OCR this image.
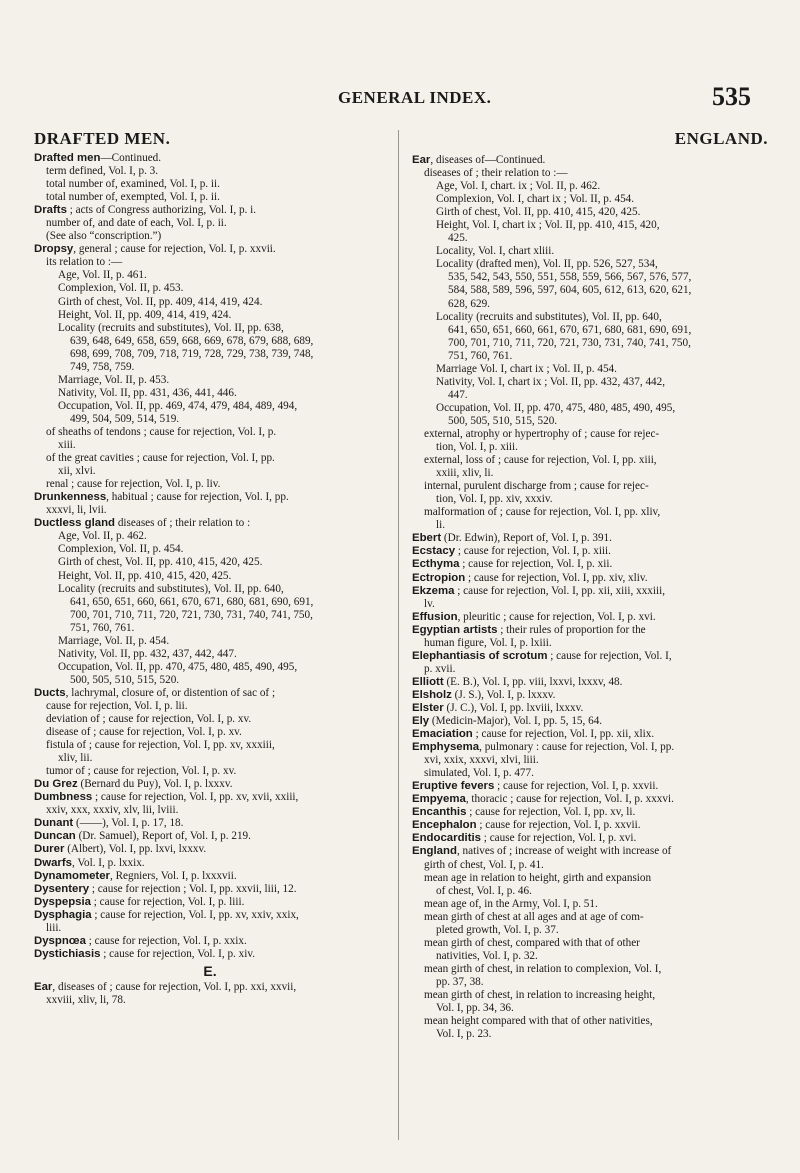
GENERAL INDEX.	535
DRAFTED MEN.
Drafted men—Continued.
term defined, Vol. I, p. 3.
total number of, examined, Vol. I, p. ii.
total number of, exempted, Vol. I, p. ii.
Drafts ; acts of Congress authorizing, Vol. I, p. i.
number of, and date of each, Vol. I, p. ii.
(See also “conscription.”)
Dropsy, general ; cause for rejection, Vol. I, p. xxvii.
its relation to :—
Age, Vol. II, p. 461.
Complexion, Vol. II, p. 453.
Girth of chest, Vol. II, pp. 409, 414, 419, 424.
Height, Vol. II, pp. 409, 414, 419, 424.
Locality (recruits and substitutes), Vol. II, pp. 638,
639, 648, 649, 658, 659, 668, 669, 678, 679, 688, 689,
698, 699, 708, 709, 718, 719, 728, 729, 738, 739, 748,
749, 758, 759.
Marriage, Vol. II, p. 453.
Nativity, Vol. II, pp. 431, 436, 441, 446.
Occupation, Vol. II, pp. 469, 474, 479, 484, 489, 494,
499, 504, 509, 514, 519.
of sheaths of tendons ; cause for rejection, Vol. I, p.
xiii.
of the great cavities ; cause for rejection, Vol. I, pp.
xii, xlvi.
renal ; cause for rejection, Vol. I, p. liv.
Drunkenness, habitual ; cause for rejection, Vol. I, pp.
xxxvi, li, lvii.
Ductless gland diseases of ; their relation to :
Age, Vol. II, p. 462.
Complexion, Vol. II, p. 454.
Girth of chest, Vol. II, pp. 410, 415, 420, 425.
Height, Vol. II, pp. 410, 415, 420, 425.
Locality (recruits and substitutes), Vol. II, pp. 640,
641, 650, 651, 660, 661, 670, 671, 680, 681, 690, 691,
700, 701, 710, 711, 720, 721, 730, 731, 740, 741, 750,
751, 760, 761.
Marriage, Vol. II, p. 454.
Nativity, Vol. II, pp. 432, 437, 442, 447.
Occupation, Vol. II, pp. 470, 475, 480, 485, 490, 495,
500, 505, 510, 515, 520.
Ducts, lachrymal, closure of, or distention of sac of ;
cause for rejection, Vol. I, p. lii.
deviation of ; cause for rejection, Vol. I, p. xv.
disease of ; cause for rejection, Vol. I, p. xv.
fistula of ; cause for rejection, Vol. I, pp. xv, xxxiii,
xliv, lii.
tumor of ; cause for rejection, Vol. I, p. xv.
Du Grez (Bernard du Puy), Vol. I, p. lxxxv.
Dumbness ; cause for rejection, Vol. I, pp. xv, xvii, xxiii,
xxiv, xxx, xxxiv, xlv, lii, lviii.
Dunant (——), Vol. I, p. 17, 18.
Duncan (Dr. Samuel), Report of, Vol. I, p. 219.
Durer (Albert), Vol. I, pp. lxvi, lxxxv.
Dwarfs, Vol. I, p. lxxix.
Dynamometer, Regniers, Vol. I, p. lxxxvii.
Dysentery ; cause for rejection ; Vol. I, pp. xxvii, liii, 12.
Dyspepsia ; cause for rejection, Vol. I, p. liii.
Dysphagia ; cause for rejection, Vol. I, pp. xv, xxiv, xxix,
liii.
Dyspnœa ; cause for rejection, Vol. I, p. xxix.
Dystichiasis ; cause for rejection, Vol. I, p. xiv.
E.
Ear, diseases of ; cause for rejection, Vol. I, pp. xxi, xxvii,
xxviii, xliv, li, 78.
ENGLAND.
Ear, diseases of—Continued.
diseases of ; their relation to :—
Age, Vol. I, chart. ix ; Vol. II, p. 462.
Complexion, Vol. I, chart ix ; Vol. II, p. 454.
Girth of chest, Vol. II, pp. 410, 415, 420, 425.
Height, Vol. I, chart ix ; Vol. II, pp. 410, 415, 420,
425.
Locality, Vol. I, chart xliii.
Locality (drafted men), Vol. II, pp. 526, 527, 534,
535, 542, 543, 550, 551, 558, 559, 566, 567, 576, 577,
584, 588, 589, 596, 597, 604, 605, 612, 613, 620, 621,
628, 629.
Locality (recruits and substitutes), Vol. II, pp. 640,
641, 650, 651, 660, 661, 670, 671, 680, 681, 690, 691,
700, 701, 710, 711, 720, 721, 730, 731, 740, 741, 750,
751, 760, 761.
Marriage Vol. I, chart ix ; Vol. II, p. 454.
Nativity, Vol. I, chart ix ; Vol. II, pp. 432, 437, 442,
447.
Occupation, Vol. II, pp. 470, 475, 480, 485, 490, 495,
500, 505, 510, 515, 520.
external, atrophy or hypertrophy of ; cause for rejec-
tion, Vol. I, p. xiii.
external, loss of ; cause for rejection, Vol. I, pp. xiii,
xxiii, xliv, li.
internal, purulent discharge from ; cause for rejec-
tion, Vol. I, pp. xiv, xxxiv.
malformation of ; cause for rejection, Vol. I, pp. xliv,
li.
Ebert (Dr. Edwin), Report of, Vol. I, p. 391.
Ecstacy ; cause for rejection, Vol. I, p. xiii.
Ecthyma ; cause for rejection, Vol. I, p. xii.
Ectropion ; cause for rejection, Vol. I, pp. xiv, xliv.
Ekzema ; cause for rejection, Vol. I, pp. xii, xiii, xxxiii,
lv.
Effusion, pleuritic ; cause for rejection, Vol. I, p. xvi.
Egyptian artists ; their rules of proportion for the
human figure, Vol. I, p. lxiii.
Elephantiasis of scrotum ; cause for rejection, Vol. I,
p. xvii.
Elliott (E. B.), Vol. I, pp. viii, lxxvi, lxxxv, 48.
Elsholz (J. S.), Vol. I, p. lxxxv.
Elster (J. C.), Vol. I, pp. lxviii, lxxxv.
Ely (Medicin-Major), Vol. I, pp. 5, 15, 64.
Emaciation ; cause for rejection, Vol. I, pp. xii, xlix.
Emphysema, pulmonary : cause for rejection, Vol. I, pp.
xvi, xxix, xxxvi, xlvi, liii.
simulated, Vol. I, p. 477.
Eruptive fevers ; cause for rejection, Vol. I, p. xxvii.
Empyema, thoracic ; cause for rejection, Vol. I, p. xxxvi.
Encanthis ; cause for rejection, Vol. I, pp. xv, li.
Encephalon ; cause for rejection, Vol. I, p. xxvii.
Endocarditis ; cause for rejection, Vol. I, p. xvi.
England, natives of ; increase of weight with increase of
girth of chest, Vol. I, p. 41.
mean age in relation to height, girth and expansion
of chest, Vol. I, p. 46.
mean age of, in the Army, Vol. I, p. 51.
mean girth of chest at all ages and at age of com-
pleted growth, Vol. I, p. 37.
mean girth of chest, compared with that of other
nativities, Vol. I, p. 32.
mean girth of chest, in relation to complexion, Vol. I,
pp. 37, 38.
mean girth of chest, in relation to increasing height,
Vol. I, pp. 34, 36.
mean height compared with that of other nativities,
Vol. I, p. 23.
